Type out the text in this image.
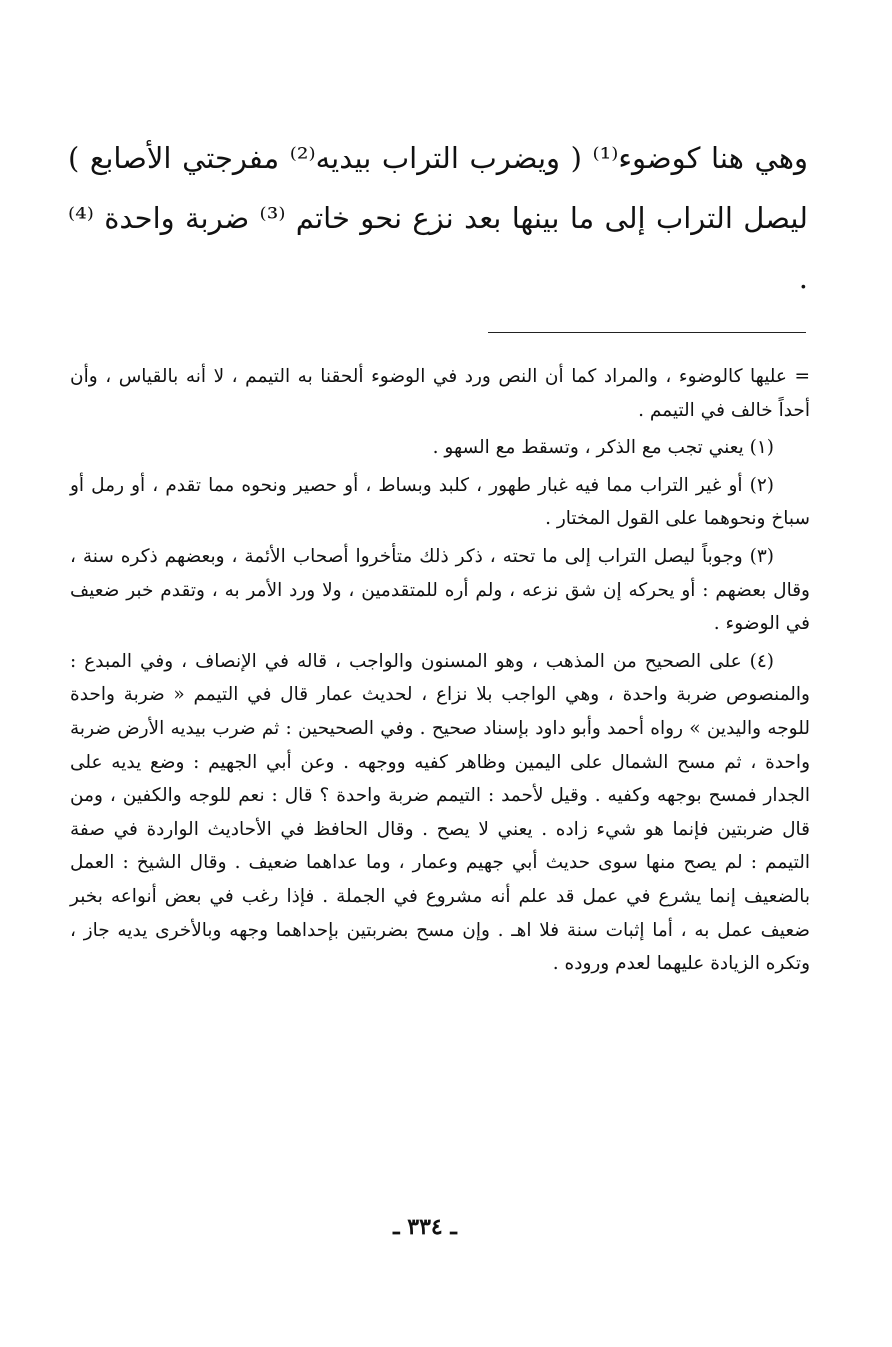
وهي هنا كوضوء⁽¹⁾ ( ويضرب التراب بيديه⁽²⁾ مفرجتي الأصابع ) ليصل التراب إلى ما بينها بعد نزع نحو خاتم ⁽³⁾ ضربة واحدة ⁽⁴⁾ .

= عليها كالوضوء ، والمراد كما أن النص ورد في الوضوء ألحقنا به التيمم ، لا أنه بالقياس ، وأن أحداً خالف في التيمم .

(١) يعني تجب مع الذكر ، وتسقط مع السهو .

(٢) أو غير التراب مما فيه غبار طهور ، كلبد وبساط ، أو حصير ونحوه مما تقدم ، أو رمل أو سباخ ونحوهما على القول المختار .

(٣) وجوباً ليصل التراب إلى ما تحته ، ذكر ذلك متأخروا أصحاب الأئمة ، وبعضهم ذكره سنة ، وقال بعضهم : أو يحركه إن شق نزعه ، ولم أره للمتقدمين ، ولا ورد الأمر به ، وتقدم خبر ضعيف في الوضوء .

(٤) على الصحيح من المذهب ، وهو المسنون والواجب ، قاله في الإنصاف ، وفي المبدع : والمنصوص ضربة واحدة ، وهي الواجب بلا نزاع ، لحديث عمار قال في التيمم « ضربة واحدة للوجه واليدين » رواه أحمد وأبو داود بإسناد صحيح . وفي الصحيحين : ثم ضرب بيديه الأرض ضربة واحدة ، ثم مسح الشمال على اليمين وظاهر كفيه ووجهه . وعن أبي الجهيم : وضع يديه على الجدار فمسح بوجهه وكفيه . وقيل لأحمد : التيمم ضربة واحدة ؟ قال : نعم للوجه والكفين ، ومن قال ضربتين فإنما هو شيء زاده . يعني لا يصح . وقال الحافظ في الأحاديث الواردة في صفة التيمم : لم يصح منها سوى حديث أبي جهيم وعمار ، وما عداهما ضعيف . وقال الشيخ : العمل بالضعيف إنما يشرع في عمل قد علم أنه مشروع في الجملة . فإذا رغب في بعض أنواعه بخبر ضعيف عمل به ، أما إثبات سنة فلا اهـ . وإن مسح بضربتين بإحداهما وجهه وبالأخرى يديه جاز ، وتكره الزيادة عليهما لعدم وروده .

ـ ٣٣٤ ـ
